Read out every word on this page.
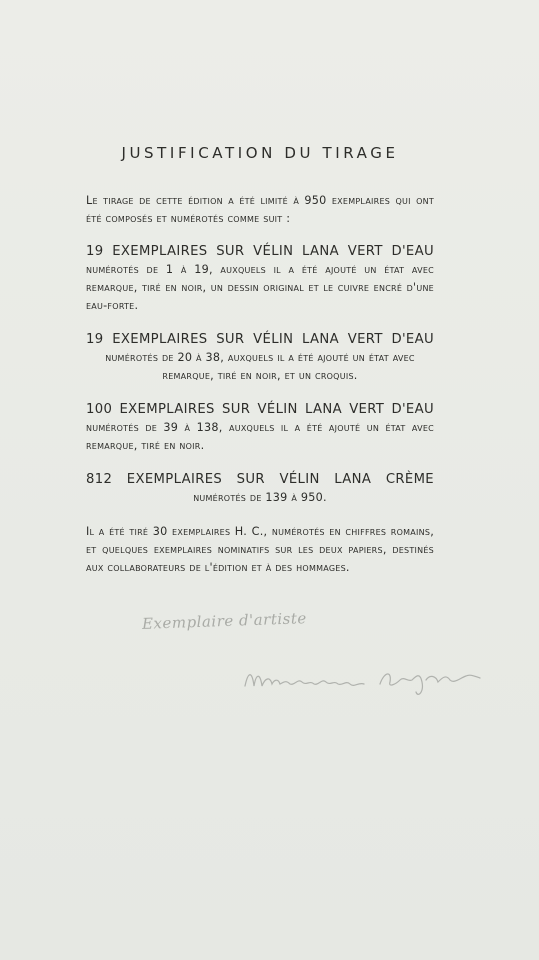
JUSTIFICATION DU TIRAGE
Le tirage de cette édition a été limité à 950 exemplaires qui ont été composés et numérotés comme suit :
19 EXEMPLAIRES SUR VÉLIN LANA VERT D'EAU
numérotés de 1 à 19, auxquels il a été ajouté un état avec remarque, tiré en noir, un dessin original et le cuivre encré d'une eau-forte.
19 EXEMPLAIRES SUR VÉLIN LANA VERT D'EAU
numérotés de 20 à 38, auxquels il a été ajouté un état avec remarque, tiré en noir, et un croquis.
100 EXEMPLAIRES SUR VÉLIN LANA VERT D'EAU
numérotés de 39 à 138, auxquels il a été ajouté un état avec remarque, tiré en noir.
812 EXEMPLAIRES SUR VÉLIN LANA CRÈME
numérotés de 139 à 950.
Il a été tiré 30 exemplaires H. C., numérotés en chiffres romains, et quelques exemplaires nominatifs sur les deux papiers, destinés aux collaborateurs de l'édition et à des hommages.
Exemplaire d'artiste
